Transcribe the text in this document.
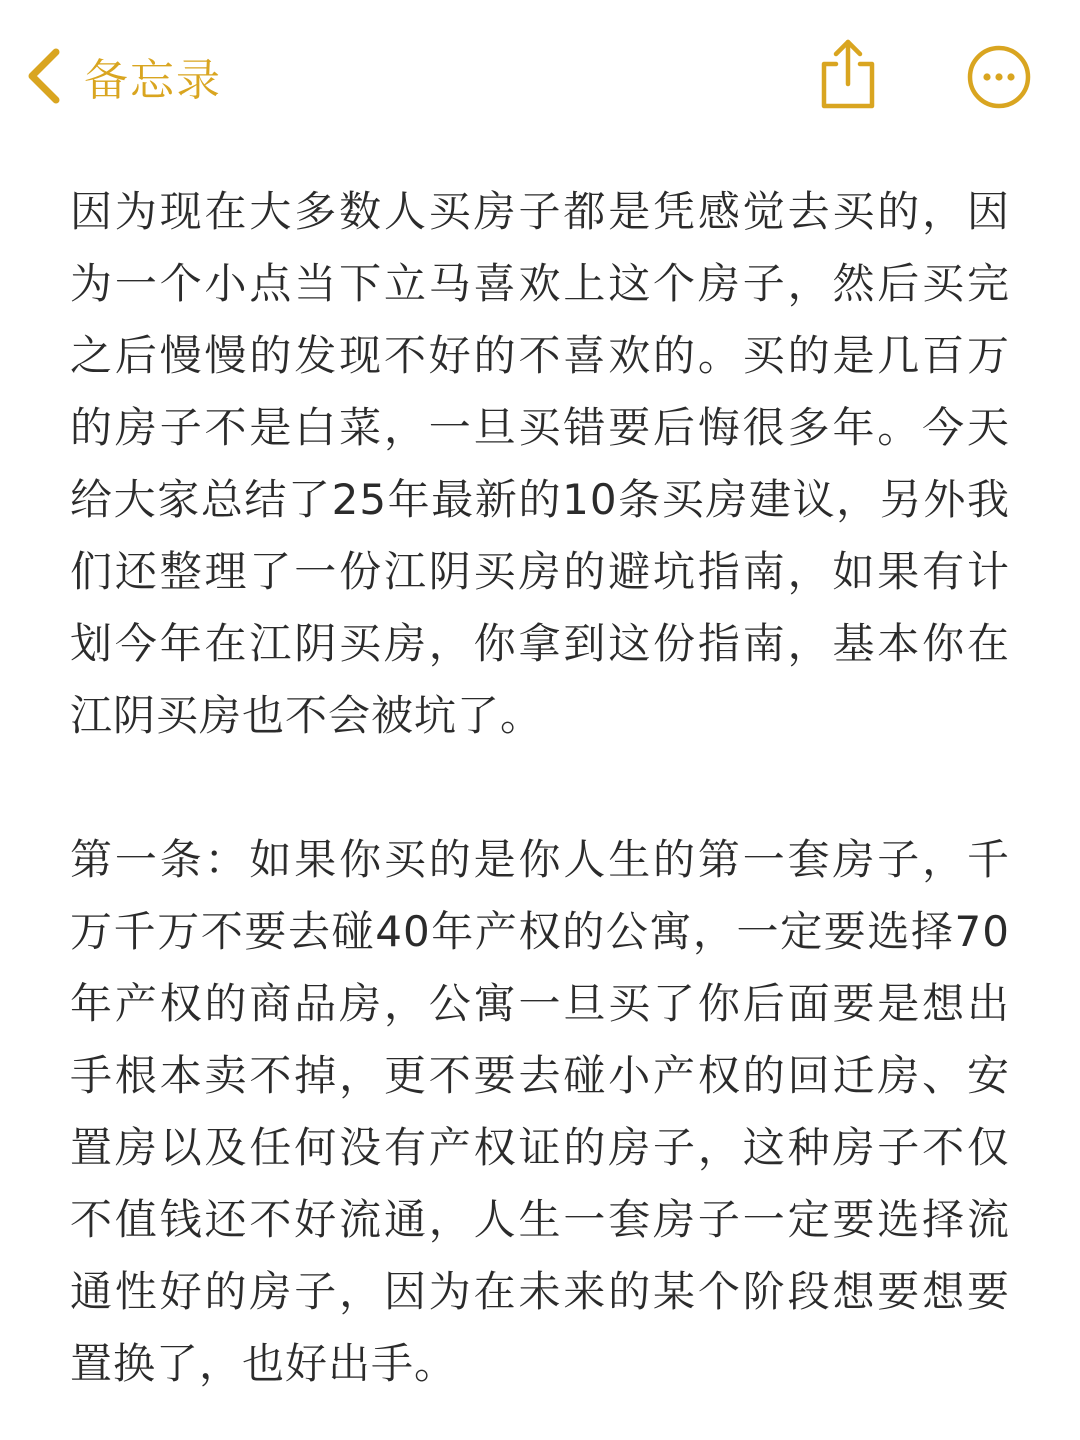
备忘录

因为现在大多数人买房子都是凭感觉去买的，因为一个小点当下立马喜欢上这个房子，然后买完之后慢慢的发现不好的不喜欢的。买的是几百万的房子不是白菜，一旦买错要后悔很多年。今天给大家总结了25年最新的10条买房建议，另外我们还整理了一份江阴买房的避坑指南，如果有计划今年在江阴买房，你拿到这份指南，基本你在江阴买房也不会被坑了。

第一条：如果你买的是你人生的第一套房子，千万千万不要去碰40年产权的公寓，一定要选择70年产权的商品房，公寓一旦买了你后面要是想出手根本卖不掉，更不要去碰小产权的回迁房、安置房以及任何没有产权证的房子，这种房子不仅不值钱还不好流通，人生一套房子一定要选择流通性好的房子，因为在未来的某个阶段想要想要置换了，也好出手。
